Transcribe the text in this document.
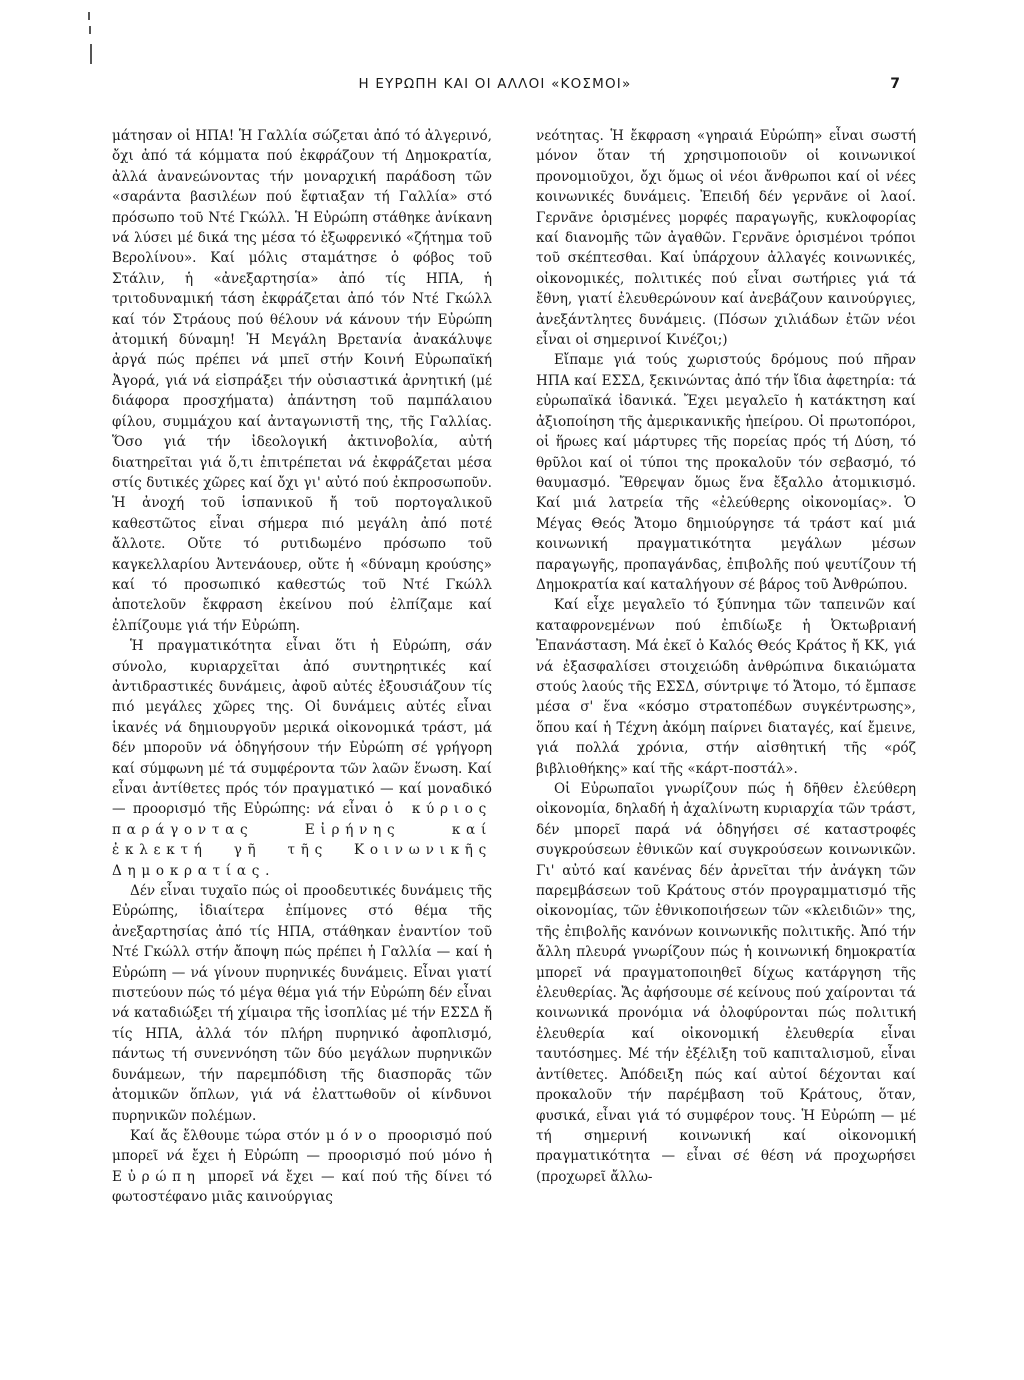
Η ΕΥΡΩΠΗ ΚΑΙ ΟΙ ΑΛΛΟΙ «ΚΟΣΜΟΙ»	7

μάτησαν οἱ ΗΠΑ! Ἡ Γαλλία σώζεται ἀπό τό ἀλγερινό, ὄχι ἀπό τά κόμματα πού ἐκφράζουν τή Δημοκρατία, ἀλλά ἀνανεώνοντας τήν μοναρχική παράδοση τῶν «σαράντα βασιλέων πού ἔφτιαξαν τή Γαλλία» στό πρόσωπο τοῦ Ντέ Γκώλλ. Ἡ Εὐρώπη στάθηκε ἀνίκανη νά λύσει μέ δικά της μέσα τό ἐξωφρενικό «ζήτημα τοῦ Βερολίνου». Καί μόλις σταμάτησε ὁ φόβος τοῦ Στάλιν, ἡ «ἀνεξαρτησία» ἀπό τίς ΗΠΑ, ἡ τριτοδυναμική τάση ἐκφράζεται ἀπό τόν Ντέ Γκώλλ καί τόν Στράους πού θέλουν νά κάνουν τήν Εὐρώπη ἀτομική δύναμη! Ἡ Μεγάλη Βρετανία ἀνακάλυψε ἀργά πώς πρέπει νά μπεῖ στήν Κοινή Εὐρωπαϊκή Ἀγορά, γιά νά εἰσπράξει τήν οὐσιαστικά ἀρνητική (μέ διάφορα προσχήματα) ἀπάντηση τοῦ παμπάλαιου φίλου, συμμάχου καί ἀνταγωνιστῆ της, τῆς Γαλλίας. Ὅσο γιά τήν ἰδεολογική ἀκτινοβολία, αὐτή διατηρεῖται γιά ὅ,τι ἐπιτρέπεται νά ἐκφράζεται μέσα στίς δυτικές χῶρες καί ὄχι γι' αὐτό πού ἐκπροσωποῦν. Ἡ ἀνοχή τοῦ ἱσπανικοῦ ἤ τοῦ πορτογαλικοῦ καθεστῶτος εἶναι σήμερα πιό μεγάλη ἀπό ποτέ ἄλλοτε. Οὔτε τό ρυτιδωμένο πρόσωπο τοῦ καγκελλαρίου Ἀντενάουερ, οὔτε ἡ «δύναμη κρούσης» καί τό προσωπικό καθεστώς τοῦ Ντέ Γκώλλ ἀποτελοῦν ἔκφραση ἐκείνου πού ἐλπίζαμε καί ἐλπίζουμε γιά τήν Εὐρώπη.

Ἡ πραγματικότητα εἶναι ὅτι ἡ Εὐρώπη, σάν σύνολο, κυριαρχεῖται ἀπό συντηρητικές καί ἀντιδραστικές δυνάμεις, ἀφοῦ αὐτές ἐξουσιάζουν τίς πιό μεγάλες χῶρες της. Οἱ δυνάμεις αὐτές εἶναι ἱκανές νά δημιουργοῦν μερικά οἰκονομικά τράστ, μά δέν μποροῦν νά ὁδηγήσουν τήν Εὐρώπη σέ γρήγορη καί σύμφωνη μέ τά συμφέροντα τῶν λαῶν ἕνωση. Καί εἶναι ἀντίθετες πρός τόν πραγματικό — καί μοναδικό — προορισμό τῆς Εὐρώπης: νά εἶναι ὁ κύριος παράγοντας Εἰρήνης καί ἐκλεκτή γῆ τῆς Κοινωνικῆς Δημοκρατίας.

Δέν εἶναι τυχαῖο πώς οἱ προοδευτικές δυνάμεις τῆς Εὐρώπης, ἰδιαίτερα ἐπίμονες στό θέμα τῆς ἀνεξαρτησίας ἀπό τίς ΗΠΑ, στάθηκαν ἐναντίον τοῦ Ντέ Γκώλλ στήν ἄποψη πώς πρέπει ἡ Γαλλία — καί ἡ Εὐρώπη — νά γίνουν πυρηνικές δυνάμεις. Εἶναι γιατί πιστεύουν πώς τό μέγα θέμα γιά τήν Εὐρώπη δέν εἶναι νά καταδιώξει τή χίμαιρα τῆς ἰσοπλίας μέ τήν ΕΣΣΔ ἤ τίς ΗΠΑ, ἀλλά τόν πλήρη πυρηνικό ἀφοπλισμό, πάντως τή συνεννόηση τῶν δύο μεγάλων πυρηνικῶν δυνάμεων, τήν παρεμπόδιση τῆς διασπορᾶς τῶν ἀτομικῶν ὅπλων, γιά νά ἐλαττωθοῦν οἱ κίνδυνοι πυρηνικῶν πολέμων.

Καί ἄς ἔλθουμε τώρα στόν μόνο προορισμό πού μπορεῖ νά ἔχει ἡ Εὐρώπη — προορισμό πού μόνο ἡ Εὐρώπη μπορεῖ νά ἔχει — καί πού τῆς δίνει τό φωτοστέφανο μιᾶς καινούργιας

νεότητας. Ἡ ἔκφραση «γηραιά Εὐρώπη» εἶναι σωστή μόνον ὅταν τή χρησιμοποιοῦν οἱ κοινωνικοί προνομιοῦχοι, ὄχι ὅμως οἱ νέοι ἄνθρωποι καί οἱ νέες κοινωνικές δυνάμεις. Ἐπειδή δέν γερνᾶνε οἱ λαοί. Γερνᾶνε ὁρισμένες μορφές παραγωγῆς, κυκλοφορίας καί διανομῆς τῶν ἀγαθῶν. Γερνᾶνε ὁρισμένοι τρόποι τοῦ σκέπτεσθαι. Καί ὑπάρχουν ἀλλαγές κοινωνικές, οἰκονομικές, πολιτικές πού εἶναι σωτήριες γιά τά ἔθνη, γιατί ἐλευθερώνουν καί ἀνεβάζουν καινούργιες, ἀνεξάντλητες δυνάμεις. (Πόσων χιλιάδων ἐτῶν νέοι εἶναι οἱ σημερινοί Κινέζοι;)

Εἴπαμε γιά τούς χωριστούς δρόμους πού πῆραν ΗΠΑ καί ΕΣΣΔ, ξεκινώντας ἀπό τήν ἴδια ἀφετηρία: τά εὐρωπαϊκά ἰδανικά. Ἔχει μεγαλεῖο ἡ κατάκτηση καί ἀξιοποίηση τῆς ἀμερικανικῆς ἠπείρου. Οἱ πρωτοπόροι, οἱ ἥρωες καί μάρτυρες τῆς πορείας πρός τή Δύση, τό θρῦλοι καί οἱ τύποι της προκαλοῦν τόν σεβασμό, τό θαυμασμό. Ἔθρεψαν ὅμως ἕνα ἔξαλλο ἀτομικισμό. Καί μιά λατρεία τῆς «ἐλεύθερης οἰκονομίας». Ὁ Μέγας Θεός Ἄτομο δημιούργησε τά τράστ καί μιά κοινωνική πραγματικότητα μεγάλων μέσων παραγωγῆς, προπαγάνδας, ἐπιβολῆς πού ψευτίζουν τή Δημοκρατία καί καταλήγουν σέ βάρος τοῦ Ἀνθρώπου.

Καί εἶχε μεγαλεῖο τό ξύπνημα τῶν ταπεινῶν καί καταφρονεμένων πού ἐπιδίωξε ἡ Ὀκτωβριανή Ἐπανάσταση. Μά ἐκεῖ ὁ Καλός Θεός Κράτος ἤ ΚΚ, γιά νά ἐξασφαλίσει στοιχειώδη ἀνθρώπινα δικαιώματα στούς λαούς τῆς ΕΣΣΔ, σύντριψε τό Ἄτομο, τό ἔμπασε μέσα σ' ἕνα «κόσμο στρατοπέδων συγκέντρωσης», ὅπου καί ἡ Τέχνη ἀκόμη παίρνει διαταγές, καί ἔμεινε, γιά πολλά χρόνια, στήν αἰσθητική τῆς «ρόζ βιβλιοθήκης» καί τῆς «κάρτ-ποστάλ».

Οἱ Εὐρωπαῖοι γνωρίζουν πώς ἡ δῆθεν ἐλεύθερη οἰκονομία, δηλαδή ἡ ἀχαλίνωτη κυριαρχία τῶν τράστ, δέν μπορεῖ παρά νά ὁδηγήσει σέ καταστροφές συγκρούσεων ἐθνικῶν καί συγκρούσεων κοινωνικῶν. Γι' αὐτό καί κανένας δέν ἀρνεῖται τήν ἀνάγκη τῶν παρεμβάσεων τοῦ Κράτους στόν προγραμματισμό τῆς οἰκονομίας, τῶν ἐθνικοποιήσεων τῶν «κλειδιῶν» της, τῆς ἐπιβολῆς κανόνων κοινωνικῆς πολιτικῆς. Ἀπό τήν ἄλλη πλευρά γνωρίζουν πώς ἡ κοινωνική δημοκρατία μπορεῖ νά πραγματοποιηθεῖ δίχως κατάργηση τῆς ἐλευθερίας. Ἄς ἀφήσουμε σέ κείνους πού χαίρονται τά κοινωνικά προνόμια νά ὀλοφύρονται πώς πολιτική ἐλευθερία καί οἰκονομική ἐλευθερία εἶναι ταυτόσημες. Μέ τήν ἐξέλιξη τοῦ καπιταλισμοῦ, εἶναι ἀντίθετες. Ἀπόδειξη πώς καί αὐτοί δέχονται καί προκαλοῦν τήν παρέμβαση τοῦ Κράτους, ὅταν, φυσικά, εἶναι γιά τό συμφέρον τους. Ἡ Εὐρώπη — μέ τή σημερινή κοινωνική καί οἰκονομική πραγματικότητα — εἶναι σέ θέση νά προχωρήσει (προχωρεῖ ἄλλω-
